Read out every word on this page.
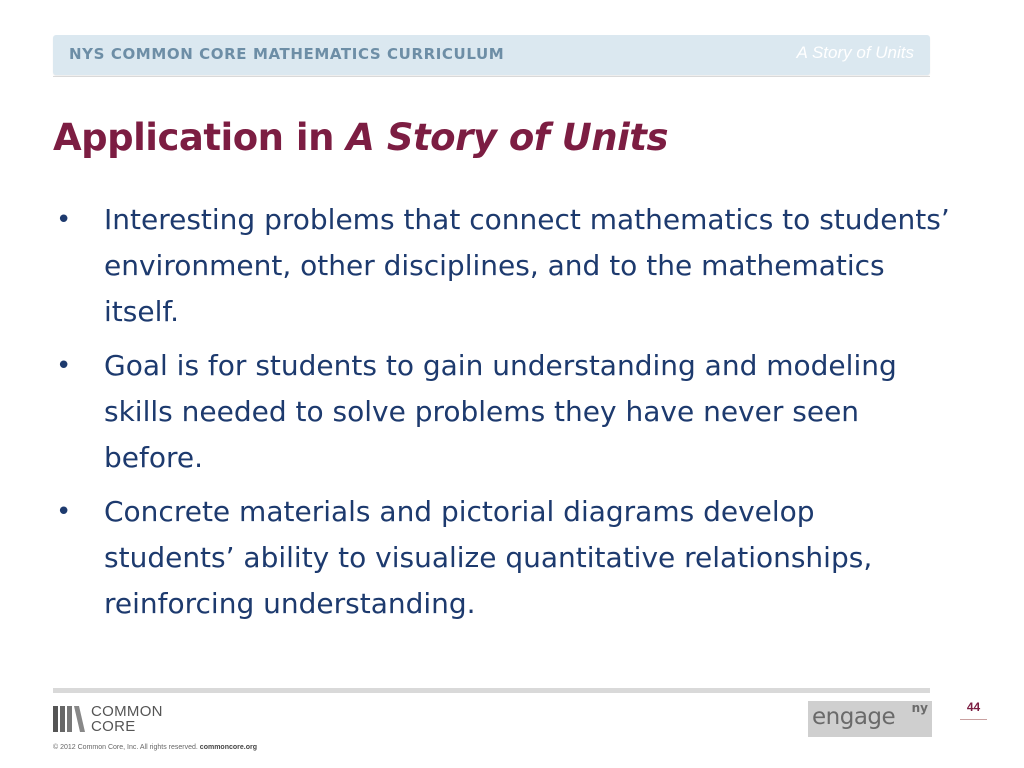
NYS COMMON CORE MATHEMATICS CURRICULUM	A Story of Units
Application in A Story of Units
• Interesting problems that connect mathematics to students’ environment, other disciplines, and to the mathematics itself.
• Goal is for students to gain understanding and modeling skills needed to solve problems they have never seen before.
• Concrete materials and pictorial diagrams develop students’ ability to visualize quantitative relationships, reinforcing understanding.
COMMON
CORE
© 2012 Common Core, Inc. All rights reserved. commoncore.org
engage ny	44
